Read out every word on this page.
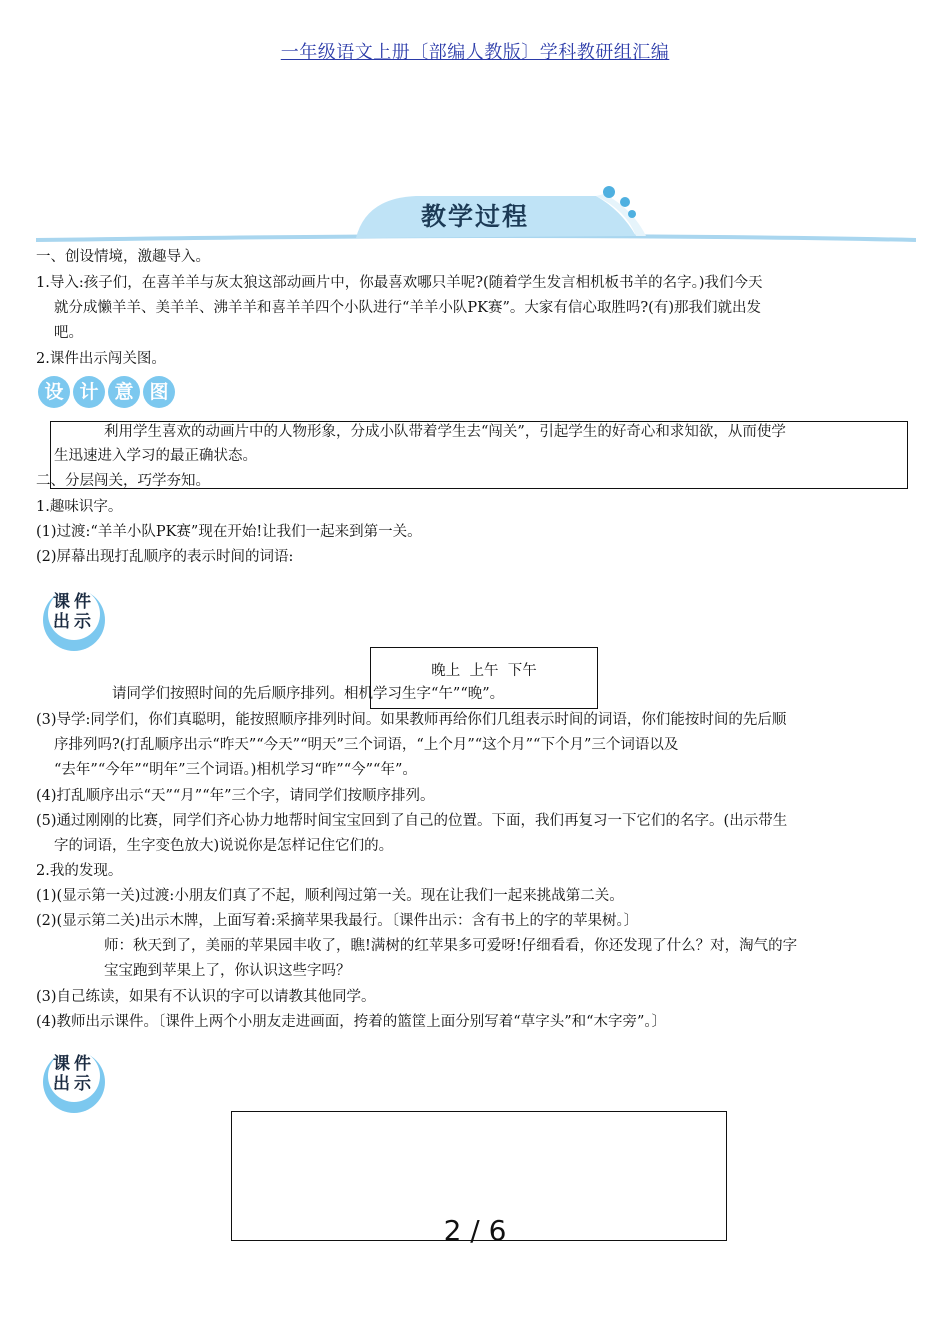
一年级语文上册〔部编人教版〕学科教研组汇编
教学过程
一、创设情境，激趣导入。
1.导入:孩子们，在喜羊羊与灰太狼这部动画片中，你最喜欢哪只羊呢?(随着学生发言相机板书羊的名字。)我们今天
就分成懒羊羊、美羊羊、沸羊羊和喜羊羊四个小队进行“羊羊小队PK赛”。大家有信心取胜吗?(有)那我们就出发
吧。
2.课件出示闯关图。
设 计 意 图
利用学生喜欢的动画片中的人物形象，分成小队带着学生去“闯关”，引起学生的好奇心和求知欲，从而使学
生迅速进入学习的最正确状态。
二、分层闯关，巧学夯知。
1.趣味识字。
(1)过渡:“羊羊小队PK赛”现在开始!让我们一起来到第一关。
(2)屏幕出现打乱顺序的表示时间的词语:
课件
出示
晚上  上午  下午
请同学们按照时间的先后顺序排列。相机学习生字“午”“晚”。
(3)导学:同学们，你们真聪明，能按照顺序排列时间。如果教师再给你们几组表示时间的词语，你们能按时间的先后顺
序排列吗?(打乱顺序出示“昨天”“今天”“明天”三个词语，“上个月”“这个月”“下个月”三个词语以及
“去年”“今年”“明年”三个词语。)相机学习“昨”“今”“年”。
(4)打乱顺序出示“天”“月”“年”三个字，请同学们按顺序排列。
(5)通过刚刚的比赛，同学们齐心协力地帮时间宝宝回到了自己的位置。下面，我们再复习一下它们的名字。(出示带生
字的词语，生字变色放大)说说你是怎样记住它们的。
2.我的发现。
(1)(显示第一关)过渡:小朋友们真了不起，顺利闯过第一关。现在让我们一起来挑战第二关。
(2)(显示第二关)出示木牌，上面写着:采摘苹果我最行。〔课件出示：含有书上的字的苹果树。〕
师：秋天到了，美丽的苹果园丰收了，瞧!满树的红苹果多可爱呀!仔细看看，你还发现了什么？对，淘气的字
宝宝跑到苹果上了，你认识这些字吗？
(3)自己练读，如果有不认识的字可以请教其他同学。
(4)教师出示课件。〔课件上两个小朋友走进画面，挎着的篮筐上面分别写着“草字头”和“木字旁”。〕
课件
出示
2 / 6
